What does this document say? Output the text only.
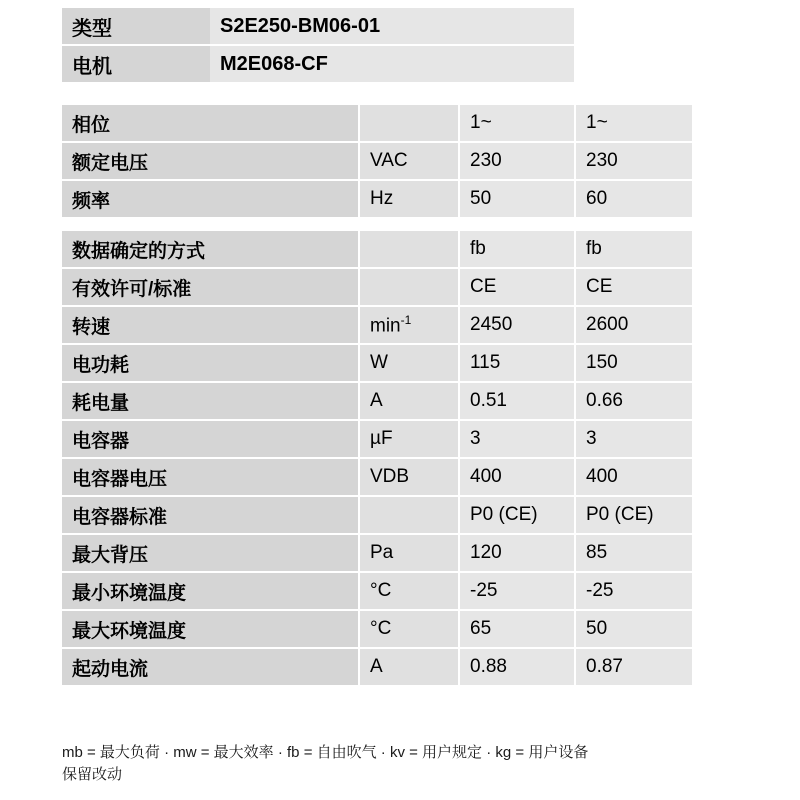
类型	S2E250-BM06-01
电机	M2E068-CF
相位		1~	1~
额定电压	VAC	230	230
频率	Hz	50	60

数据确定的方式		fb	fb
有效许可/标准		CE	CE
转速	$\min^{-1}$	2450	2600
电功耗	W	115	150
耗电量	A	0.51	0.66
电容器	µF	3	3
电容器电压	VDB	400	400
电容器标准		P0 (CE)	P0 (CE)
最大背压	Pa	120	85
最小环境温度	°C	-25	-25
最大环境温度	°C	65	50
起动电流	A	0.88	0.87
mb = 最大负荷 · mw = 最大效率 · fb = 自由吹气 · kv = 用户规定 · kg = 用户设备
保留改动
